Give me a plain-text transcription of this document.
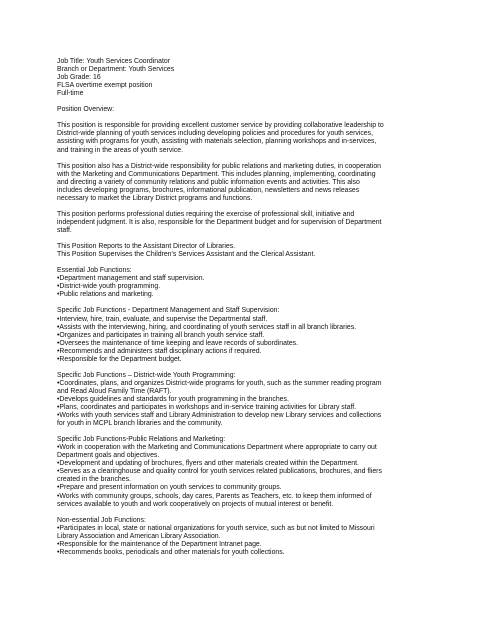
Job Title: Youth Services Coordinator
Branch or Department: Youth Services
Job Grade: 16
FLSA overtime exempt position
Full-time
Position Overview:
This position is responsible for providing excellent customer service by providing collaborative leadership to
District-wide planning of youth services including developing policies and procedures for youth services,
assisting with programs for youth, assisting with materials selection, planning workshops and in-services,
and training in the areas of youth service.
This position also has a District-wide responsibility for public relations and marketing duties, in cooperation
with the Marketing and Communications Department. This includes planning, implementing, coordinating
and directing a variety of community relations and public information events and activities. This also
includes developing programs, brochures, informational publication, newsletters and news releases
necessary to market the Library District programs and functions.
This position performs professional duties requiring the exercise of professional skill, initiative and
independent judgment. It is also, responsible for the Department budget and for supervision of Department
staff.
This Position Reports to the Assistant Director of Libraries.
This Position Supervises the Children's Services Assistant and the Clerical Assistant.
Essential Job Functions:
•Department management and staff supervision.
•District-wide youth programming.
•Public relations and marketing.
Specific Job Functions - Department Management and Staff Supervision:
•Interview, hire, train, evaluate, and supervise the Departmental staff.
•Assists with the interviewing, hiring, and coordinating of youth services staff in all branch libraries.
•Organizes and participates in training all branch youth service staff.
•Oversees the maintenance of time keeping and leave records of subordinates.
•Recommends and administers staff disciplinary actions if required.
•Responsible for the Department budget.
Specific Job Functions – District-wide Youth Programming:
•Coordinates, plans, and organizes District-wide programs for youth, such as the summer reading program
and Read Aloud Family Time (RAFT).
•Develops guidelines and standards for youth programming in the branches.
•Plans, coordinates and participates in workshops and in-service training activities for Library staff.
•Works with youth services staff and Library Administration to develop new Library services and collections
for youth in MCPL branch libraries and the community.
Specific Job Functions-Public Relations and Marketing:
•Work in cooperation with the Marketing and Communications Department where appropriate to carry out
Department goals and objectives.
•Development and updating of brochures, flyers and other materials created within the Department.
•Serves as a clearinghouse and quality control for youth services related publications, brochures, and fliers
created in the branches.
•Prepare and present information on youth services to community groups.
•Works with community groups, schools, day cares, Parents as Teachers, etc. to keep them informed of
services available to youth and work cooperatively on projects of mutual interest or benefit.
Non-essential Job Functions:
•Participates in local, state or national organizations for youth service, such as but not limited to Missouri
Library Association and American Library Association.
•Responsible for the maintenance of the Department Intranet page.
•Recommends books, periodicals and other materials for youth collections.
